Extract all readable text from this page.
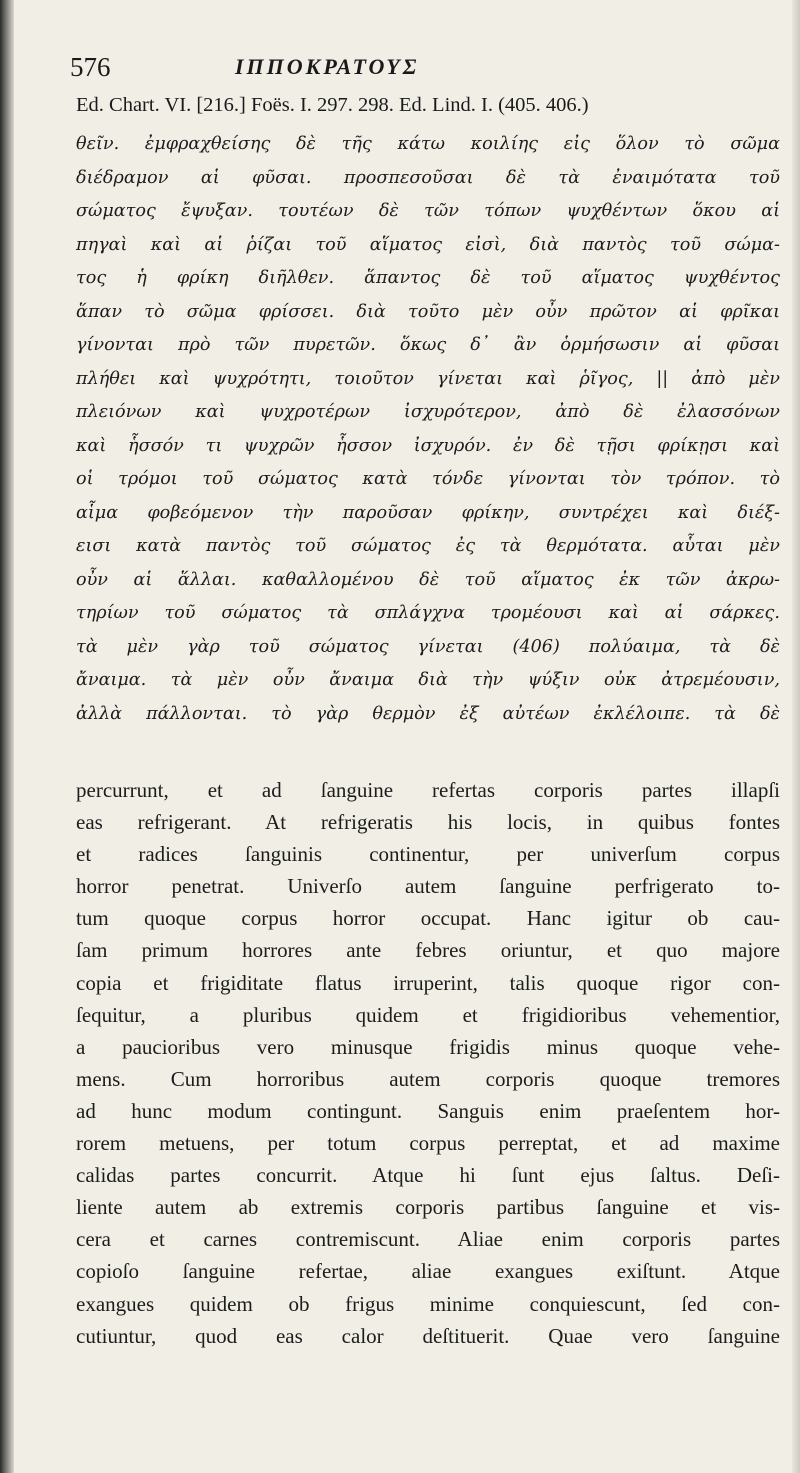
576	ΙΠΠΟΚΡΑΤΟΥΣ
Ed. Chart. VI. [216.] Foës. I. 297. 298. Ed. Lind. I. (405. 406.)
θεῖν. ἐμφραχθείσης δὲ τῆς κάτω κοιλίης εἰς ὅλον τὸ σῶμα
διέδραμον αἱ φῦσαι. προσπεσοῦσαι δὲ τὰ ἐναιμότατα τοῦ
σώματος ἔψυξαν. τουτέων δὲ τῶν τόπων ψυχθέντων ὅκου αἱ
πηγαὶ καὶ αἱ ῥίζαι τοῦ αἵματος εἰσὶ, διὰ παντὸς τοῦ σώμα-
τος ἡ φρίκη διῆλθεν. ἅπαντος δὲ τοῦ αἵματος ψυχθέντος
ἅπαν τὸ σῶμα φρίσσει. διὰ τοῦτο μὲν οὖν πρῶτον αἱ φρῖκαι
γίνονται πρὸ τῶν πυρετῶν. ὅκως δ᾽ ἂν ὁρμήσωσιν αἱ φῦσαι
πλήθει καὶ ψυχρότητι, τοιοῦτον γίνεται καὶ ῥῖγος, || ἀπὸ μὲν
πλειόνων καὶ ψυχροτέρων ἰσχυρότερον, ἀπὸ δὲ ἐλασσόνων
καὶ ἧσσόν τι ψυχρῶν ἧσσον ἰσχυρόν. ἐν δὲ τῇσι φρίκῃσι καὶ
οἱ τρόμοι τοῦ σώματος κατὰ τόνδε γίνονται τὸν τρόπον. τὸ
αἷμα φοβεόμενον τὴν παροῦσαν φρίκην, συντρέχει καὶ διέξ-
εισι κατὰ παντὸς τοῦ σώματος ἐς τὰ θερμότατα. αὗται μὲν
οὖν αἱ ἅλλαι. καθαλλομένου δὲ τοῦ αἵματος ἐκ τῶν ἀκρω-
τηρίων τοῦ σώματος τὰ σπλάγχνα τρομέουσι καὶ αἱ σάρκες.
τὰ μὲν γὰρ τοῦ σώματος γίνεται (406) πολύαιμα, τὰ δὲ
ἄναιμα. τὰ μὲν οὖν ἄναιμα διὰ τὴν ψύξιν οὐκ ἀτρεμέουσιν,
ἀλλὰ πάλλονται. τὸ γὰρ θερμὸν ἐξ αὐτέων ἐκλέλοιπε. τὰ δὲ
percurrunt, et ad ſanguine refertas corporis partes illapſi
eas refrigerant. At refrigeratis his locis, in quibus fontes
et radices ſanguinis continentur, per univerſum corpus
horror penetrat. Univerſo autem ſanguine perfrigerato to-
tum quoque corpus horror occupat. Hanc igitur ob cau-
ſam primum horrores ante febres oriuntur, et quo majore
copia et frigiditate flatus irruperint, talis quoque rigor con-
ſequitur, a pluribus quidem et frigidioribus vehementior,
a paucioribus vero minusque frigidis minus quoque vehe-
mens. Cum horroribus autem corporis quoque tremores
ad hunc modum contingunt. Sanguis enim praeſentem hor-
rorem metuens, per totum corpus perreptat, et ad maxime
calidas partes concurrit. Atque hi ſunt ejus ſaltus. Deſi-
liente autem ab extremis corporis partibus ſanguine et vis-
cera et carnes contremiscunt. Aliae enim corporis partes
copioſo ſanguine refertae, aliae exangues exiſtunt. Atque
exangues quidem ob frigus minime conquiescunt, ſed con-
cutiuntur, quod eas calor deſtituerit. Quae vero ſanguine
